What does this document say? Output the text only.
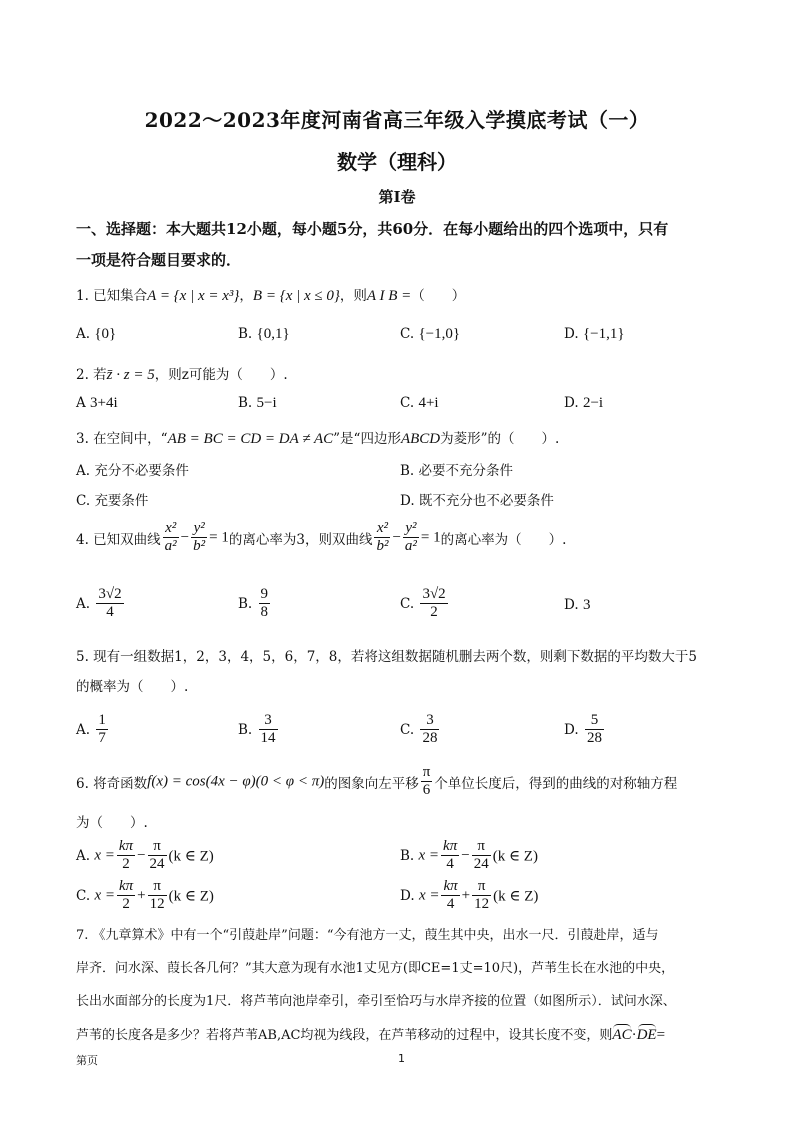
2022～2023年度河南省高三年级入学摸底考试（一）
数学（理科）
第Ⅰ卷
一、选择题：本大题共12小题，每小题5分，共60分．在每小题给出的四个选项中，只有
一项是符合题目要求的．
1. 已知集合A = {x | x = x³}，B = {x | x ≤ 0}，则A I B =（　　）
A. {0}	B. {0,1}	C. {−1,0}	D. {−1,1}
2. 若z̄ · z = 5，则z可能为（　　）.
A 3+4i	B. 5−i	C. 4+i	D. 2−i
3. 在空间中，“AB = BC = CD = DA ≠ AC”是“四边形ABCD为菱形”的（　　）.
A. 充分不必要条件	B. 必要不充分条件
C. 充要条件	D. 既不充分也不必要条件
4. 已知双曲线 $\frac{\text{x²}}{\text{a²}} - \frac{\text{y²}}{\text{b²}} = 1$的离心率为3，则双曲线 $\frac{\text{x²}}{\text{b²}} - \frac{\text{y²}}{\text{a²}} = 1$的离心率为（　　）.
A. $\frac{3√2}{4}$	B. $\frac{9}{8}$	C. $\frac{3√2}{2}$	D. 3
5. 现有一组数据1，2，3，4，5，6，7，8，若将这组数据随机删去两个数，则剩下数据的平均数大于5
的概率为（　　）.
A. $\frac{1}{7}$	B. $\frac{3}{14}$	C. $\frac{3}{28}$	D. $\frac{5}{28}$
6. 将奇函数f(x) = cos(4x − φ)(0 < φ < π)的图象向左平移 $\frac{\pi}{6}$ 个单位长度后，得到的曲线的对称轴方程
为（　　）.
A. $x = \frac{k\pi}{2} - \frac{\pi}{24} (k$ ∈ Z)	B. $x = \frac{k\pi}{4} - \frac{\pi}{24} (k$ ∈ Z)
C. $x = \frac{k\pi}{2} + \frac{\pi}{12} (k$ ∈ Z)	D. $x = \frac{k\pi}{4} + \frac{\pi}{12} (k$ ∈ Z)
7. 《九章算术》中有一个“引葭赴岸”问题：“今有池方一丈，葭生其中央，出水一尺．引葭赴岸，适与
岸齐．问水深、葭长各几何？”其大意为现有水池1丈见方(即CE=1丈=10尺)，芦苇生长在水池的中央，
长出水面部分的长度为1尺．将芦苇向池岸牵引，牵引至恰巧与水岸齐接的位置（如图所示）．试问水深、
芦苇的长度各是多少？若将芦苇AB,AC均视为线段，在芦苇移动的过程中，设其长度不变，则AC·DE=
第页	1
